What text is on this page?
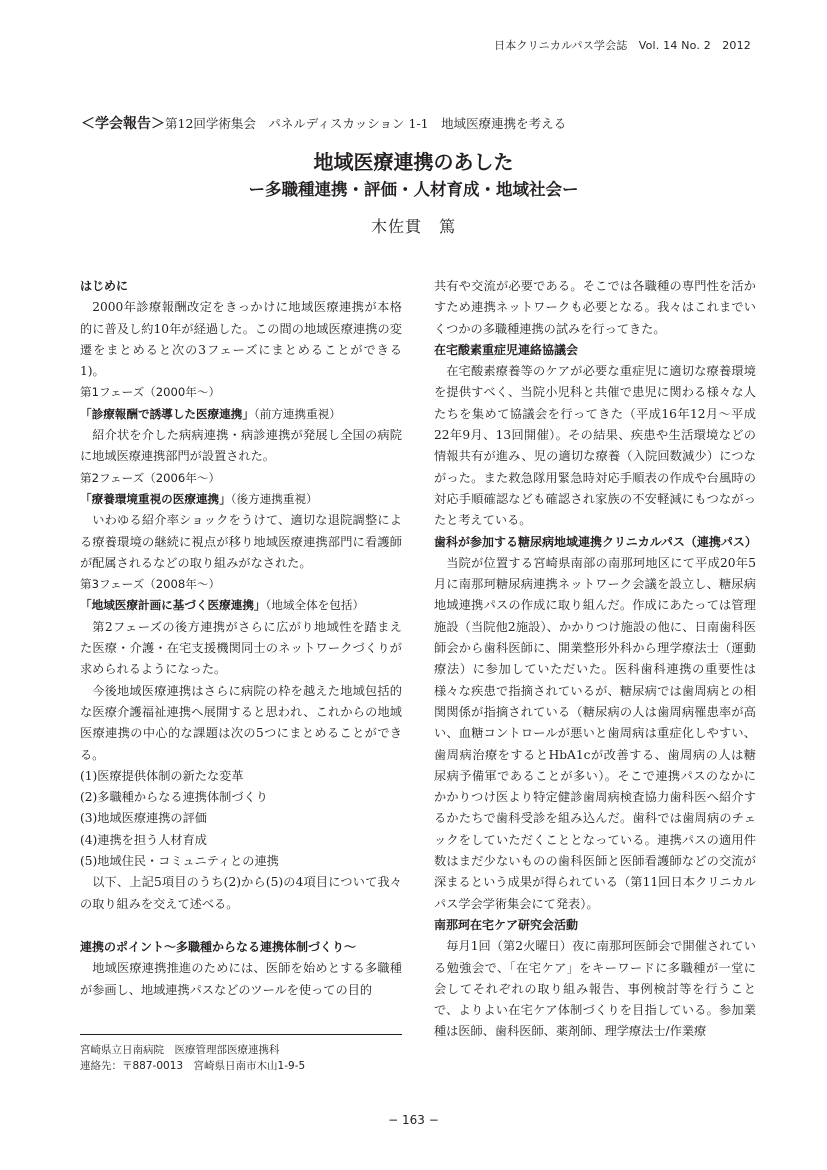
日本クリニカルパス学会誌　Vol. 14 No. 2　2012
＜学会報告＞第12回学術集会　パネルディスカッション 1-1　地域医療連携を考える
地域医療連携のあした
ー多職種連携・評価・人材育成・地域社会ー
木佐貫　篤

はじめに

2000年診療報酬改定をきっかけに地域医療連携が本格的に普及し約10年が経過した。この間の地域医療連携の変遷をまとめると次の3フェーズにまとめることができる1)。

第1フェーズ（2000年〜）

「診療報酬で誘導した医療連携」（前方連携重視）

紹介状を介した病病連携・病診連携が発展し全国の病院に地域医療連携部門が設置された。

第2フェーズ（2006年〜）

「療養環境重視の医療連携」（後方連携重視）

いわゆる紹介率ショックをうけて、適切な退院調整による療養環境の継続に視点が移り地域医療連携部門に看護師が配属されるなどの取り組みがなされた。

第3フェーズ（2008年〜）

「地域医療計画に基づく医療連携」（地域全体を包括）

第2フェーズの後方連携がさらに広がり地域性を踏まえた医療・介護・在宅支援機関同士のネットワークづくりが求められるようになった。

今後地域医療連携はさらに病院の枠を越えた地域包括的な医療介護福祉連携へ展開すると思われ、これからの地域医療連携の中心的な課題は次の5つにまとめることができる。

(1)医療提供体制の新たな変革

(2)多職種からなる連携体制づくり

(3)地域医療連携の評価

(4)連携を担う人材育成

(5)地域住民・コミュニティとの連携

以下、上記5項目のうち(2)から(5)の4項目について我々の取り組みを交えて述べる。

連携のポイント〜多職種からなる連携体制づくり〜

地域医療連携推進のためには、医師を始めとする多職種が参画し、地域連携パスなどのツールを使っての目的

共有や交流が必要である。そこでは各職種の専門性を活かすため連携ネットワークも必要となる。我々はこれまでいくつかの多職種連携の試みを行ってきた。

在宅酸素重症児連絡協議会

在宅酸素療養等のケアが必要な重症児に適切な療養環境を提供すべく、当院小児科と共催で患児に関わる様々な人たちを集めて協議会を行ってきた（平成16年12月〜平成22年9月、13回開催）。その結果、疾患や生活環境などの情報共有が進み、児の適切な療養（入院回数減少）につながった。また救急隊用緊急時対応手順表の作成や台風時の対応手順確認なども確認され家族の不安軽減にもつながったと考えている。

歯科が参加する糖尿病地域連携クリニカルパス（連携パス）

当院が位置する宮崎県南部の南那珂地区にて平成20年5月に南那珂糖尿病連携ネットワーク会議を設立し、糖尿病地域連携パスの作成に取り組んだ。作成にあたっては管理施設（当院他2施設）、かかりつけ施設の他に、日南歯科医師会から歯科医師に、開業整形外科から理学療法士（運動療法）に参加していただいた。医科歯科連携の重要性は様々な疾患で指摘されているが、糖尿病では歯周病との相関関係が指摘されている（糖尿病の人は歯周病罹患率が高い、血糖コントロールが悪いと歯周病は重症化しやすい、歯周病治療をするとHbA1cが改善する、歯周病の人は糖尿病予備軍であることが多い）。そこで連携パスのなかにかかりつけ医より特定健診歯周病検査協力歯科医へ紹介するかたちで歯科受診を組み込んだ。歯科では歯周病のチェックをしていただくこととなっている。連携パスの適用件数はまだ少ないものの歯科医師と医師看護師などの交流が深まるという成果が得られている（第11回日本クリニカルパス学会学術集会にて発表）。

南那珂在宅ケア研究会活動

毎月1回（第2火曜日）夜に南那珂医師会で開催されている勉強会で、「在宅ケア」をキーワードに多職種が一堂に会してそれぞれの取り組み報告、事例検討等を行うことで、よりよい在宅ケア体制づくりを目指している。参加業種は医師、歯科医師、薬剤師、理学療法士/作業療

宮崎県立日南病院　医療管理部医療連携科
連絡先：〒887-0013　宮崎県日南市木山1-9-5
− 163 −
